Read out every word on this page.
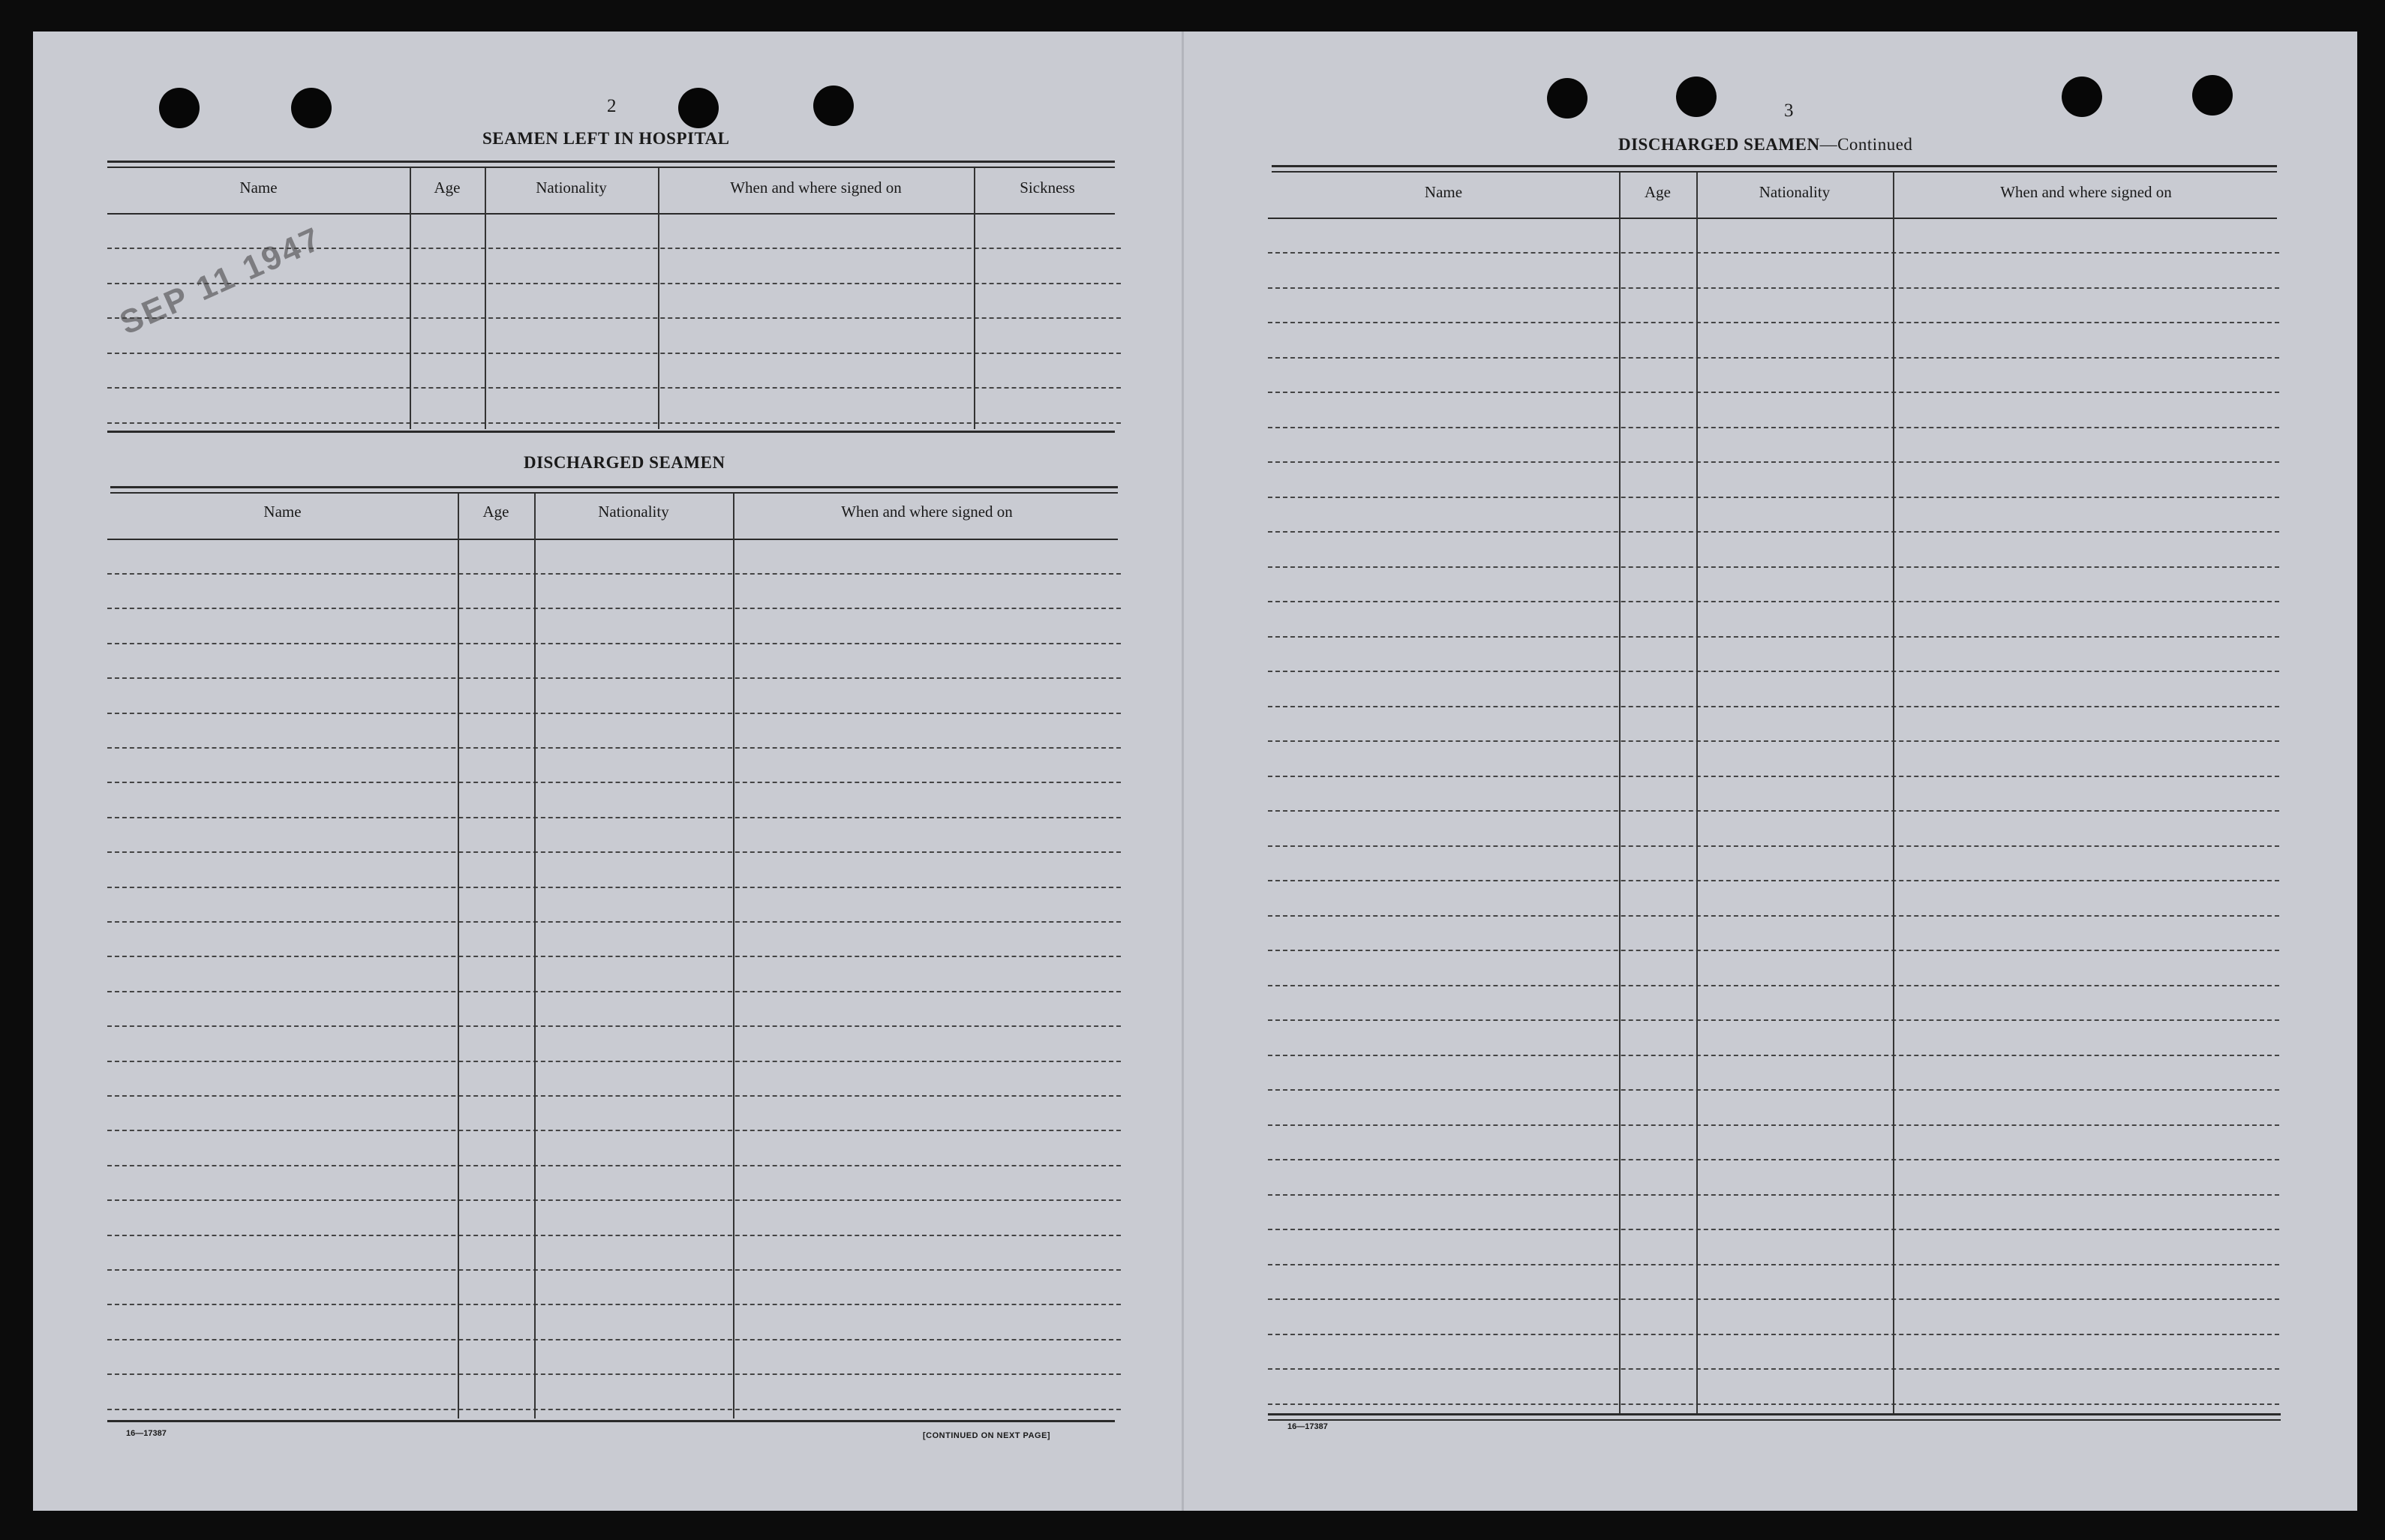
2
SEP 11 1947
SEAMEN LEFT IN HOSPITAL
Name	Age	Nationality	When and where signed on	Sickness
DISCHARGED SEAMEN
Name	Age	Nationality	When and where signed on
16—17387	[CONTINUED ON NEXT PAGE]
3
DISCHARGED SEAMEN—Continued
Name	Age	Nationality	When and where signed on
16—17387
